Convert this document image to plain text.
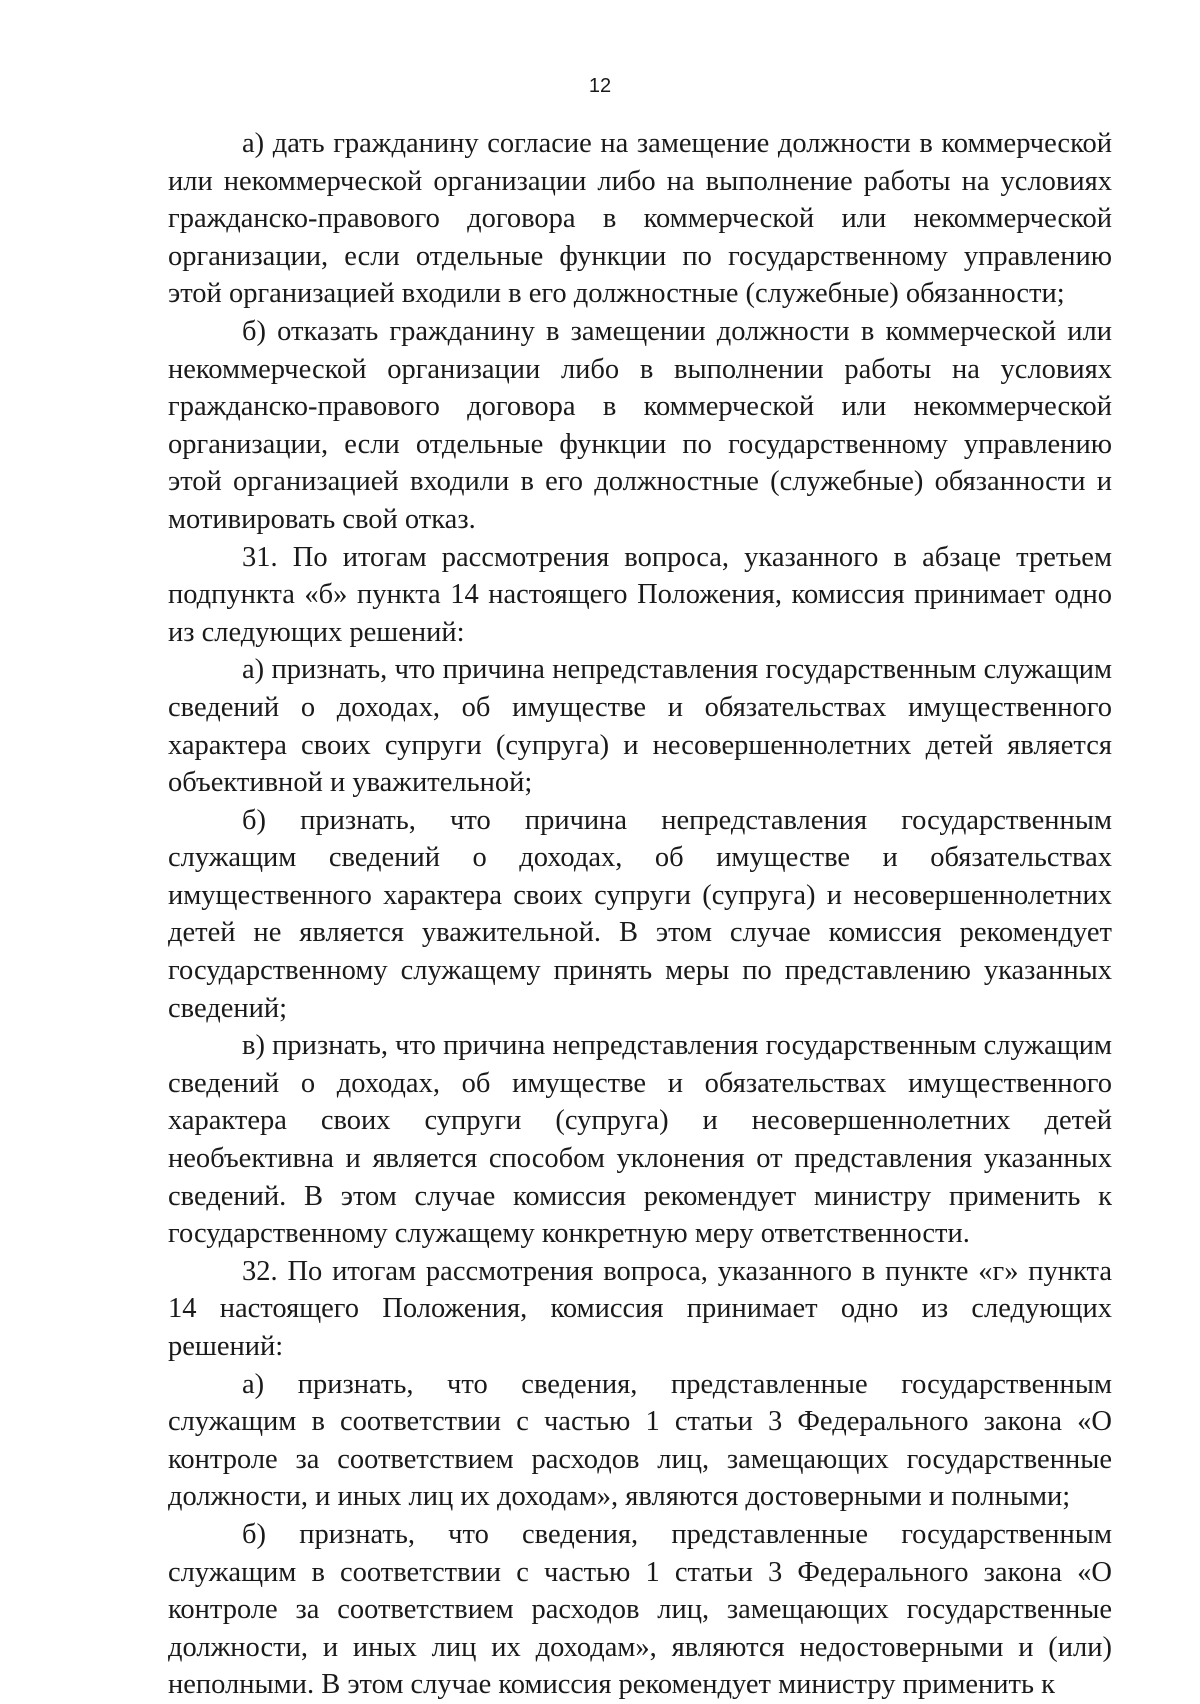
12

а) дать гражданину согласие на замещение должности в коммерческой или некоммерческой организации либо на выполнение работы на условиях гражданско-правового договора в коммерческой или некоммерческой организации, если отдельные функции по государственному управлению этой организацией входили в его должностные (служебные) обязанности;

б) отказать гражданину в замещении должности в коммерческой или некоммерческой организации либо в выполнении работы на условиях гражданско-правового договора в коммерческой или некоммерческой организации, если отдельные функции по государственному управлению этой организацией входили в его должностные (служебные) обязанности и мотивировать свой отказ.

31. По итогам рассмотрения вопроса, указанного в абзаце третьем подпункта «б» пункта 14 настоящего Положения, комиссия принимает одно из следующих решений:

а) признать, что причина непредставления государственным служащим сведений о доходах, об имуществе и обязательствах имущественного характера своих супруги (супруга) и несовершеннолетних детей является объективной и уважительной;

б) признать, что причина непредставления государственным служащим сведений о доходах, об имуществе и обязательствах имущественного характера своих супруги (супруга) и несовершеннолетних детей не является уважительной. В этом случае комиссия рекомендует государственному служащему принять меры по представлению указанных сведений;

в) признать, что причина непредставления государственным служащим сведений о доходах, об имуществе и обязательствах имущественного характера своих супруги (супруга) и несовершеннолетних детей необъективна и является способом уклонения от представления указанных сведений. В этом случае комиссия рекомендует министру применить к государственному служащему конкретную меру ответственности.

32. По итогам рассмотрения вопроса, указанного в пункте «г» пункта 14 настоящего Положения, комиссия принимает одно из следующих решений:

а) признать, что сведения, представленные государственным служащим в соответствии с частью 1 статьи 3 Федерального закона «О контроле за соответствием расходов лиц, замещающих государственные должности, и иных лиц их доходам», являются достоверными и полными;

б) признать, что сведения, представленные государственным служащим в соответствии с частью 1 статьи 3 Федерального закона «О контроле за соответствием расходов лиц, замещающих государственные должности, и иных лиц их доходам», являются недостоверными и (или) неполными. В этом случае комиссия рекомендует министру применить к
